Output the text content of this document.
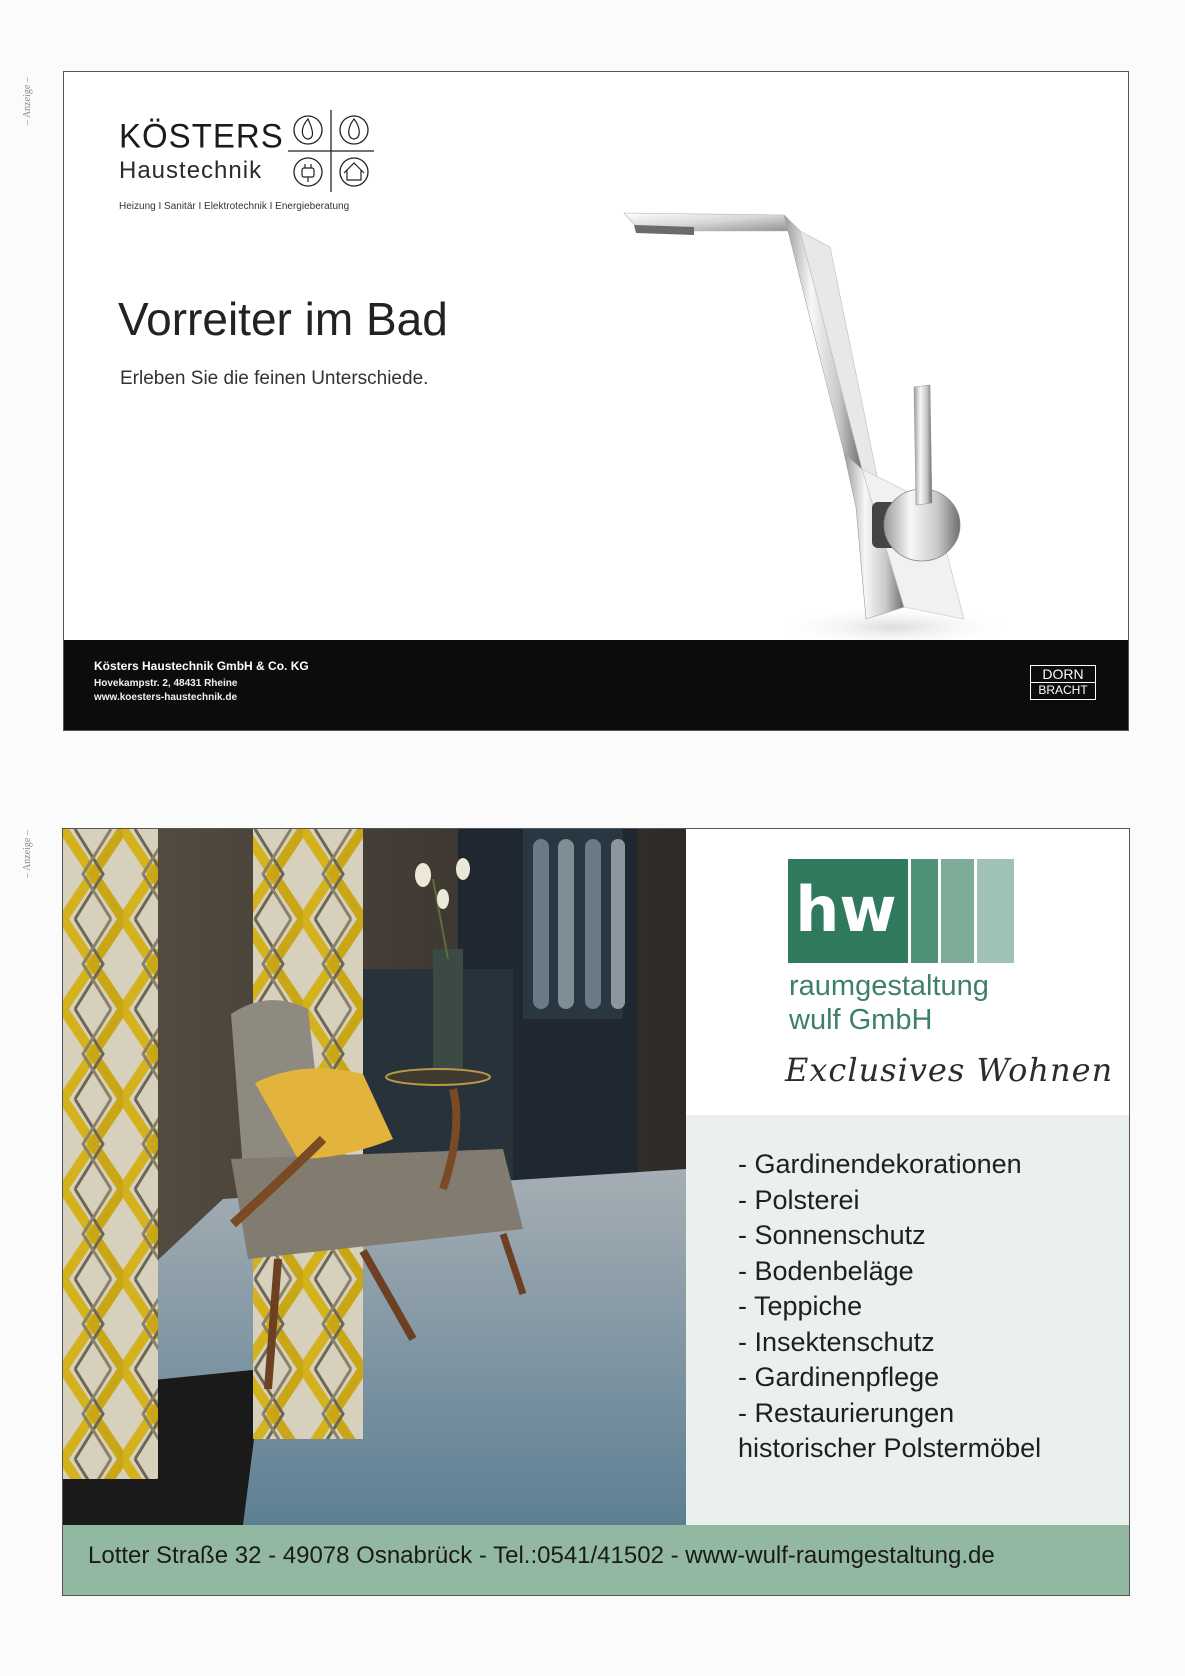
– Anzeige –
– Anzeige –
KÖSTERS
Haustechnik
Heizung I Sanitär I Elektrotechnik I Energieberatung
Vorreiter im Bad
Erleben Sie die feinen Unterschiede.
Kösters Haustechnik GmbH & Co. KG
Hovekampstr. 2, 48431 Rheine
www.koesters-haustechnik.de
DORN
BRACHT
hw
raumgestaltung
wulf GmbH
Exclusives Wohnen
- Gardinendekorationen
- Polsterei
- Sonnenschutz
- Bodenbeläge
- Teppiche
- Insektenschutz
- Gardinenpflege
- Restaurierungen
historischer Polstermöbel
Lotter Straße 32 - 49078 Osnabrück - Tel.:0541/41502 - www-wulf-raumgestaltung.de
